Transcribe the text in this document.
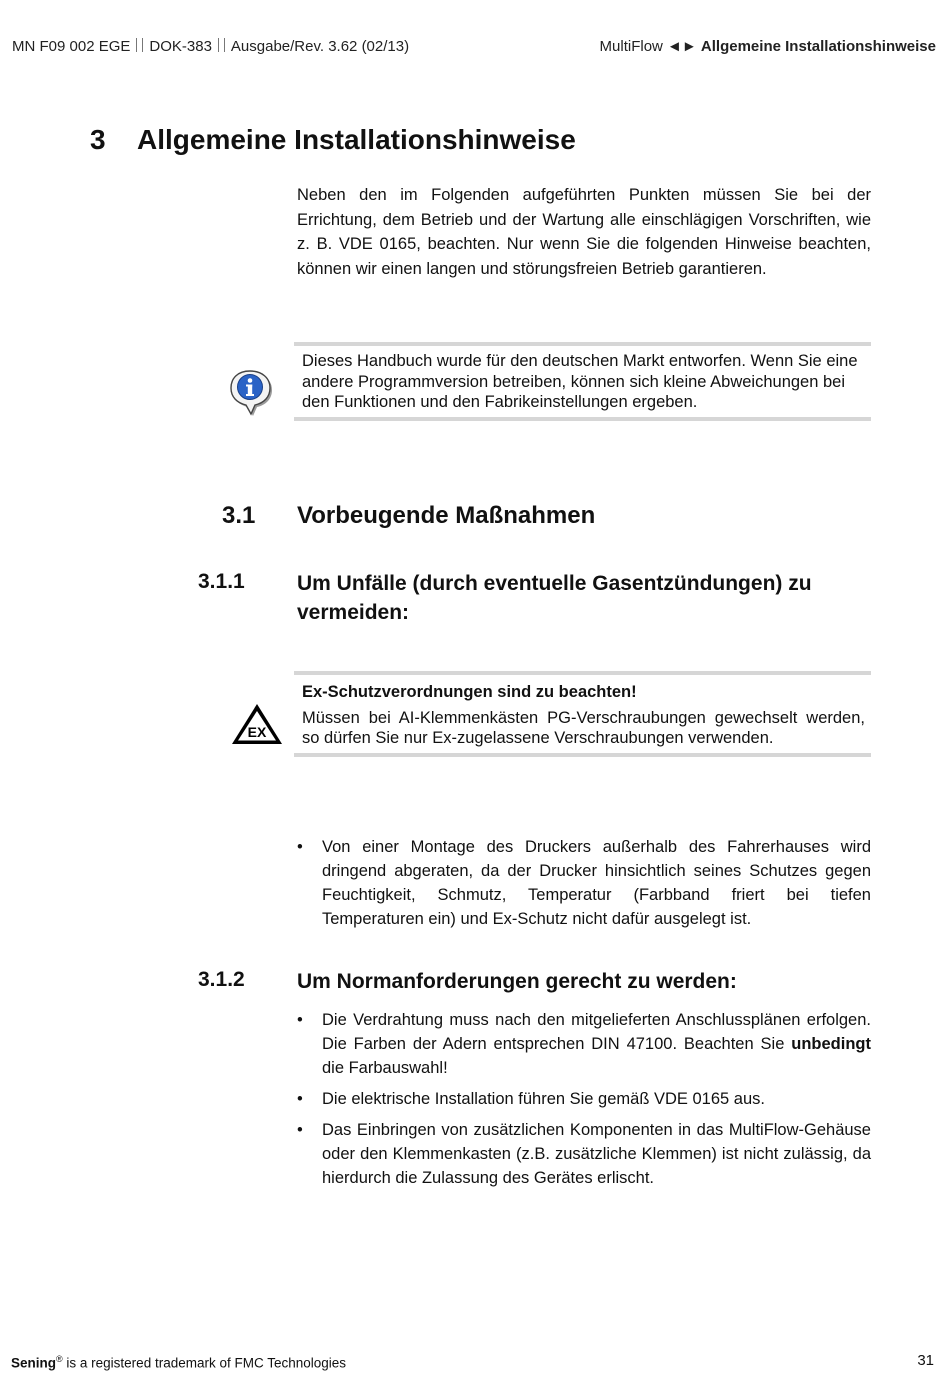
MN F09 002 EGE DOK-383 Ausgabe/Rev. 3.62 (02/13)	MultiFlow ◄► Allgemeine Installationshinweise
3 Allgemeine Installationshinweise
Neben den im Folgenden aufgeführten Punkten müssen Sie bei der Errichtung, dem Betrieb und der Wartung alle einschlägigen Vorschriften, wie z. B. VDE 0165, beachten. Nur wenn Sie die folgenden Hinweise beachten, können wir einen langen und störungsfreien Betrieb garantieren.
Dieses Handbuch wurde für den deutschen Markt entworfen. Wenn Sie eine andere Programmversion betreiben, können sich kleine Abweichungen bei den Funktionen und den Fabrikeinstellungen ergeben.
3.1 Vorbeugende Maßnahmen
3.1.1 Um Unfälle (durch eventuelle Gasentzündungen) zu vermeiden:
EX
Ex-Schutzverordnungen sind zu beachten!
Müssen bei AI-Klemmenkästen PG-Verschraubungen gewechselt werden, so dürfen Sie nur Ex-zugelassene Verschraubungen verwenden.
• Von einer Montage des Druckers außerhalb des Fahrerhauses wird dringend abgeraten, da der Drucker hinsichtlich seines Schutzes gegen Feuchtigkeit, Schmutz, Temperatur (Farbband friert bei tiefen Temperaturen ein) und Ex-Schutz nicht dafür ausgelegt ist.
3.1.2 Um Normanforderungen gerecht zu werden:
• Die Verdrahtung muss nach den mitgelieferten Anschlussplänen erfolgen. Die Farben der Adern entsprechen DIN 47100. Beachten Sie unbedingt die Farbauswahl!
• Die elektrische Installation führen Sie gemäß VDE 0165 aus.
• Das Einbringen von zusätzlichen Komponenten in das MultiFlow-Gehäuse oder den Klemmenkasten (z.B. zusätzliche Klemmen) ist nicht zulässig, da hierdurch die Zulassung des Gerätes erlischt.
Sening® is a registered trademark of FMC Technologies	31
